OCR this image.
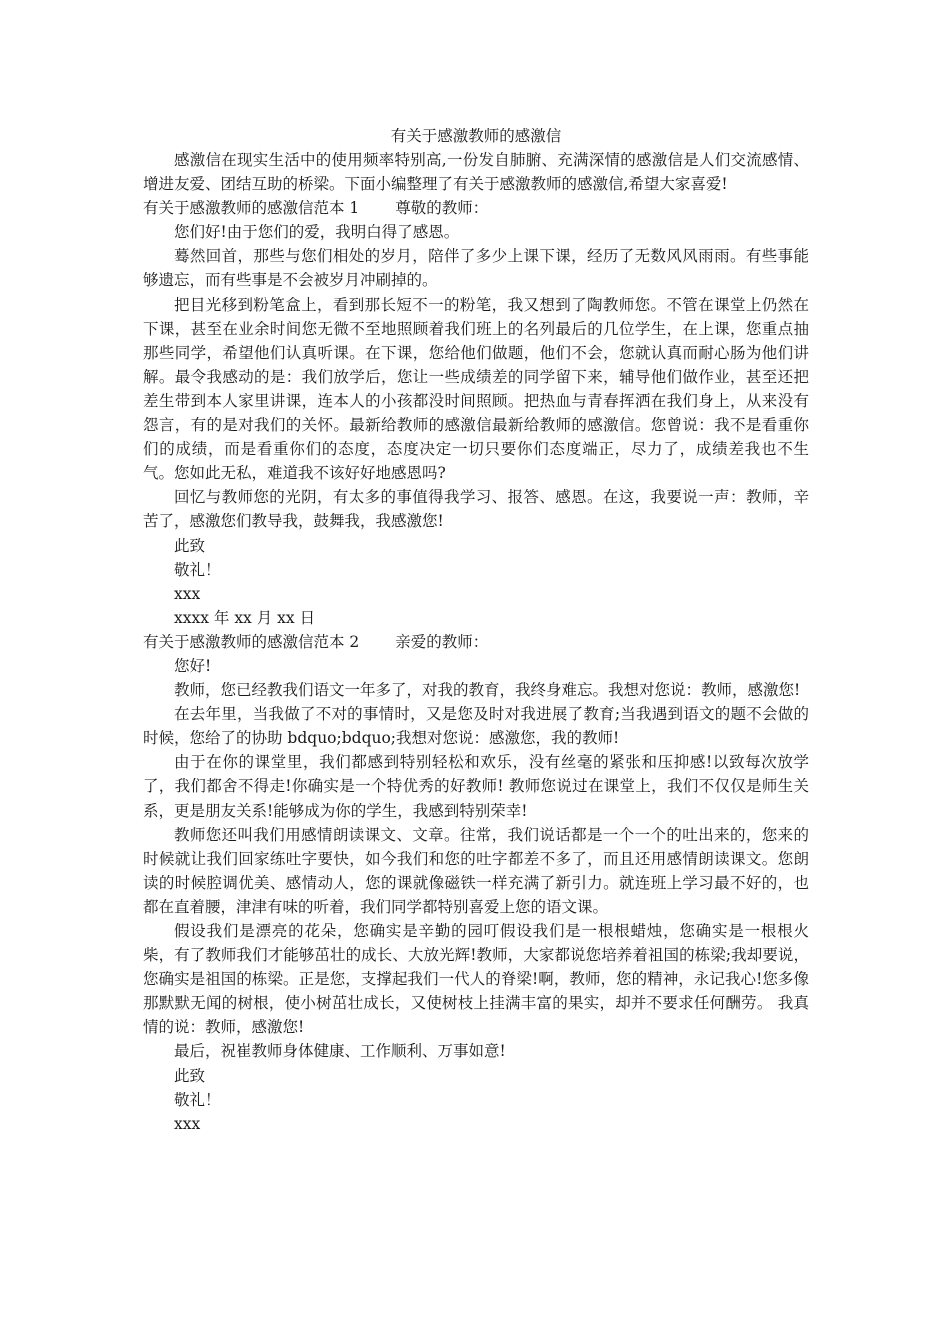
有关于感激教师的感激信

感激信在现实生活中的使用频率特别高,一份发自肺腑、充满深情的感激信是人们交流感情、增进友爱、团结互助的桥梁。下面小编整理了有关于感激教师的感激信,希望大家喜爱!

有关于感激教师的感激信范本 1 尊敬的教师：

您们好!由于您们的爱，我明白得了感恩。

蓦然回首，那些与您们相处的岁月，陪伴了多少上课下课，经历了无数风风雨雨。有些事能够遗忘，而有些事是不会被岁月冲刷掉的。

把目光移到粉笔盒上，看到那长短不一的粉笔，我又想到了陶教师您。不管在课堂上仍然在下课，甚至在业余时间您无微不至地照顾着我们班上的名列最后的几位学生，在上课，您重点抽那些同学，希望他们认真听课。在下课，您给他们做题，他们不会，您就认真而耐心肠为他们讲解。最令我感动的是：我们放学后，您让一些成绩差的同学留下来，辅导他们做作业，甚至还把差生带到本人家里讲课，连本人的小孩都没时间照顾。把热血与青春挥洒在我们身上，从来没有怨言，有的是对我们的关怀。最新给教师的感激信最新给教师的感激信。您曾说：我不是看重你们的成绩，而是看重你们的态度，态度决定一切只要你们态度端正，尽力了，成绩差我也不生气。您如此无私，难道我不该好好地感恩吗?

回忆与教师您的光阴，有太多的事值得我学习、报答、感恩。在这，我要说一声：教师，辛苦了，感激您们教导我，鼓舞我，我感激您!

此致

敬礼！

xxx

xxxx 年 xx 月 xx 日

有关于感激教师的感激信范本 2 亲爱的教师：

您好!

教师，您已经教我们语文一年多了，对我的教育，我终身难忘。我想对您说：教师，感激您!

在去年里，当我做了不对的事情时，又是您及时对我进展了教育;当我遇到语文的题不会做的时候，您给了的协助 bdquo;bdquo;我想对您说：感激您，我的教师!

由于在你的课堂里，我们都感到特别轻松和欢乐，没有丝毫的紧张和压抑感!以致每次放学了，我们都舍不得走!你确实是一个特优秀的好教师! 教师您说过在课堂上，我们不仅仅是师生关系，更是朋友关系!能够成为你的学生，我感到特别荣幸!

教师您还叫我们用感情朗读课文、文章。往常，我们说话都是一个一个的吐出来的，您来的时候就让我们回家练吐字要快，如今我们和您的吐字都差不多了，而且还用感情朗读课文。您朗读的时候腔调优美、感情动人，您的课就像磁铁一样充满了新引力。就连班上学习最不好的，也都在直着腰，津津有味的听着，我们同学都特别喜爱上您的语文课。

假设我们是漂亮的花朵，您确实是辛勤的园叮假设我们是一根根蜡烛，您确实是一根根火柴，有了教师我们才能够茁壮的成长、大放光辉!教师，大家都说您培养着祖国的栋梁;我却要说，您确实是祖国的栋梁。正是您，支撑起我们一代人的脊梁!啊，教师，您的精神，永记我心!您多像那默默无闻的树根，使小树茁壮成长，又使树枝上挂满丰富的果实，却并不要求任何酬劳。 我真情的说：教师，感激您!

最后，祝崔教师身体健康、工作顺利、万事如意!

此致

敬礼！

xxx
